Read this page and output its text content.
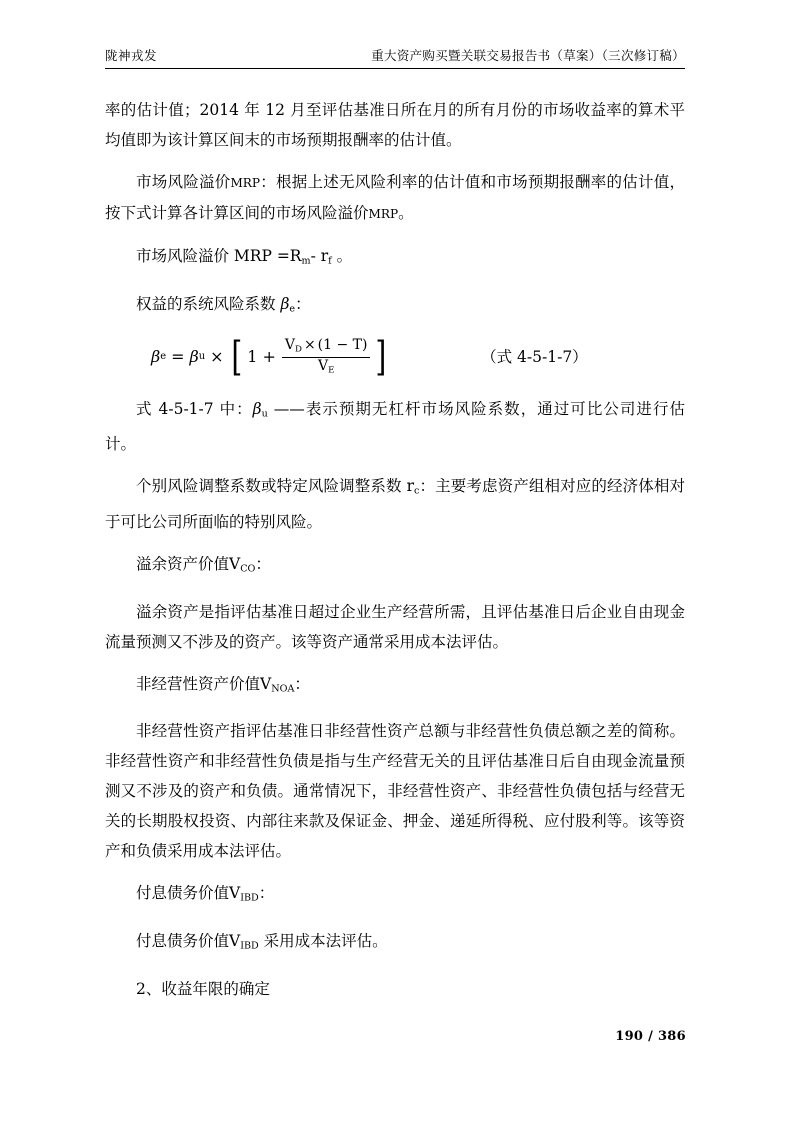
陇神戎发	重大资产购买暨关联交易报告书（草案）（三次修订稿）

率的估计值；2014 年 12 月至评估基准日所在月的所有月份的市场收益率的算术平均值即为该计算区间末的市场预期报酬率的估计值。

市场风险溢价MRP：根据上述无风险利率的估计值和市场预期报酬率的估计值，按下式计算各计算区间的市场风险溢价MRP。

市场风险溢价 MRP $=R_m-$ $r_f$ 。

权益的系统风险系数 $\beta_e$：

β e = β u × [ $1 + \frac{V_D \times (1 - T)}{V_E}$ ]	（式 4-5-1-7）

式 4-5-1-7 中：$\beta_u$ ——表示预期无杠杆市场风险系数，通过可比公司进行估计。

个别风险调整系数或特定风险调整系数 $r_c$：主要考虑资产组相对应的经济体相对于可比公司所面临的特别风险。

溢余资产价值$V_{CO}$：

溢余资产是指评估基准日超过企业生产经营所需，且评估基准日后企业自由现金流量预测又不涉及的资产。该等资产通常采用成本法评估。

非经营性资产价值$V_{NOA}$：

非经营性资产指评估基准日非经营性资产总额与非经营性负债总额之差的简称。非经营性资产和非经营性负债是指与生产经营无关的且评估基准日后自由现金流量预测又不涉及的资产和负债。通常情况下，非经营性资产、非经营性负债包括与经营无关的长期股权投资、内部往来款及保证金、押金、递延所得税、应付股利等。该等资产和负债采用成本法评估。

付息债务价值$V_{IBD}$：

付息债务价值$V_{IBD}$ 采用成本法评估。

2、收益年限的确定

190 / 386
